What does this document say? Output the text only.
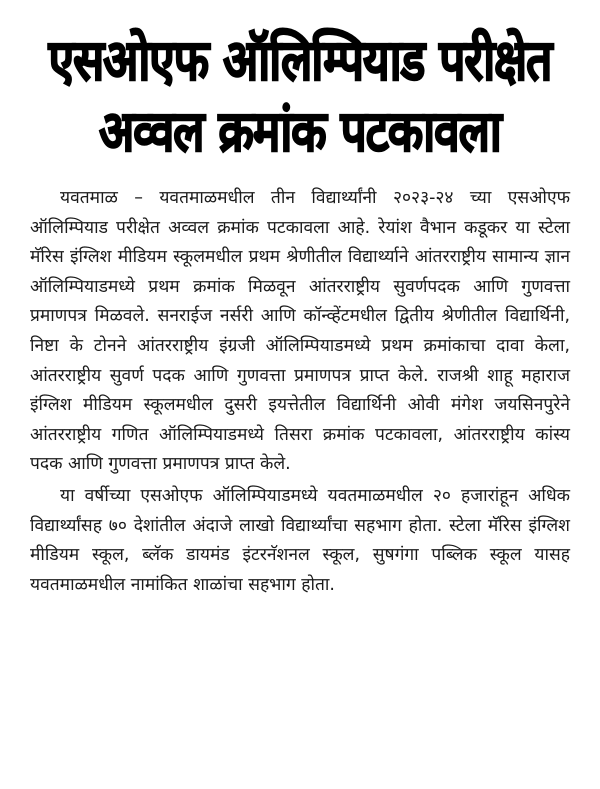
एसओएफ ऑलिम्पियाड परीक्षेत
अव्वल क्रमांक पटकावला

यवतमाळ – यवतमाळमधील तीन विद्यार्थ्यांनी २०२३-२४ च्या एसओएफ ऑलिम्पियाड परीक्षेत अव्वल क्रमांक पटकावला आहे. रेयांश वैभान कडूकर या स्टेला मॅरिस इंग्लिश मीडियम स्कूलमधील प्रथम श्रेणीतील विद्यार्थ्याने आंतरराष्ट्रीय सामान्य ज्ञान ऑलिम्पियाडमध्ये प्रथम क्रमांक मिळवून आंतरराष्ट्रीय सुवर्णपदक आणि गुणवत्ता प्रमाणपत्र मिळवले. सनराईज नर्सरी आणि कॉन्व्हेंटमधील द्वितीय श्रेणीतील विद्यार्थिनी, निष्टा के टोनने आंतरराष्ट्रीय इंग्रजी ऑलिम्पियाडमध्ये प्रथम क्रमांकाचा दावा केला, आंतरराष्ट्रीय सुवर्ण पदक आणि गुणवत्ता प्रमाणपत्र प्राप्त केले. राजश्री शाहू महाराज इंग्लिश मीडियम स्कूलमधील दुसरी इयत्तेतील विद्यार्थिनी ओवी मंगेश जयसिनपुरेने आंतरराष्ट्रीय गणित ऑलिम्पियाडमध्ये तिसरा क्रमांक पटकावला, आंतरराष्ट्रीय कांस्य पदक आणि गुणवत्ता प्रमाणपत्र प्राप्त केले.

या वर्षीच्या एसओएफ ऑलिम्पियाडमध्ये यवतमाळमधील २० हजारांहून अधिक विद्यार्थ्यांसह ७० देशांतील अंदाजे लाखो विद्यार्थ्यांचा सहभाग होता. स्टेला मॅरिस इंग्लिश मीडियम स्कूल, ब्लॅक डायमंड इंटरनॅशनल स्कूल, सुषगंगा पब्लिक स्कूल यासह यवतमाळमधील नामांकित शाळांचा सहभाग होता.
